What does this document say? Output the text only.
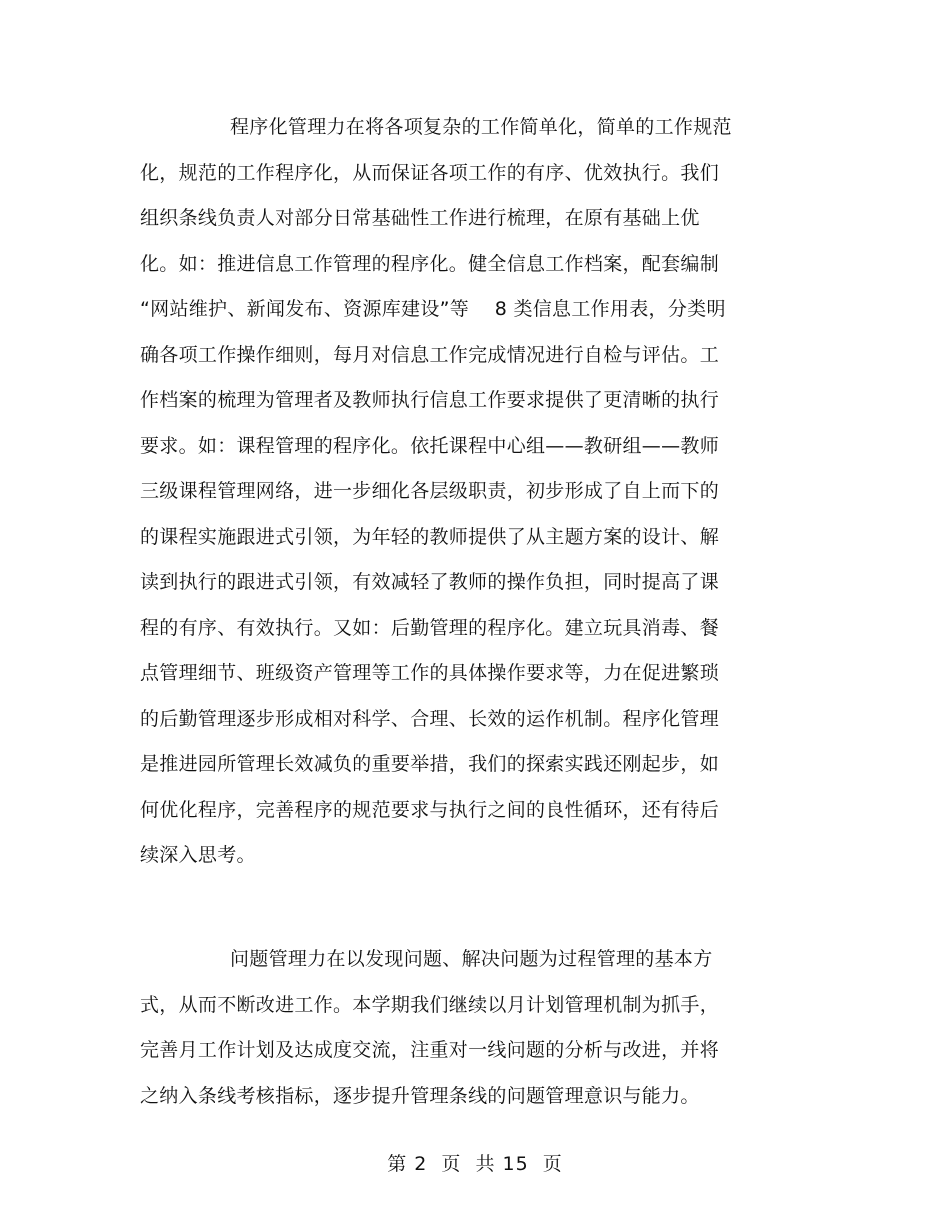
程序化管理力在将各项复杂的工作简单化，简单的工作规范
化，规范的工作程序化，从而保证各项工作的有序、优效执行。我们
组织条线负责人对部分日常基础性工作进行梳理，在原有基础上优
化。如：推进信息工作管理的程序化。健全信息工作档案，配套编制
“网站维护、新闻发布、资源库建设”等　 8 类信息工作用表，分类明
确各项工作操作细则，每月对信息工作完成情况进行自检与评估。工
作档案的梳理为管理者及教师执行信息工作要求提供了更清晰的执行
要求。如：课程管理的程序化。依托课程中心组——教研组——教师
三级课程管理网络，进一步细化各层级职责，初步形成了自上而下的
的课程实施跟进式引领，为年轻的教师提供了从主题方案的设计、解
读到执行的跟进式引领，有效减轻了教师的操作负担，同时提高了课
程的有序、有效执行。又如：后勤管理的程序化。建立玩具消毒、餐
点管理细节、班级资产管理等工作的具体操作要求等，力在促进繁琐
的后勤管理逐步形成相对科学、合理、长效的运作机制。程序化管理
是推进园所管理长效减负的重要举措，我们的探索实践还刚起步，如
何优化程序，完善程序的规范要求与执行之间的良性循环，还有待后
续深入思考。
问题管理力在以发现问题、解决问题为过程管理的基本方
式，从而不断改进工作。本学期我们继续以月计划管理机制为抓手，
完善月工作计划及达成度交流，注重对一线问题的分析与改进，并将
之纳入条线考核指标，逐步提升管理条线的问题管理意识与能力。
第 2  页  共 15  页
